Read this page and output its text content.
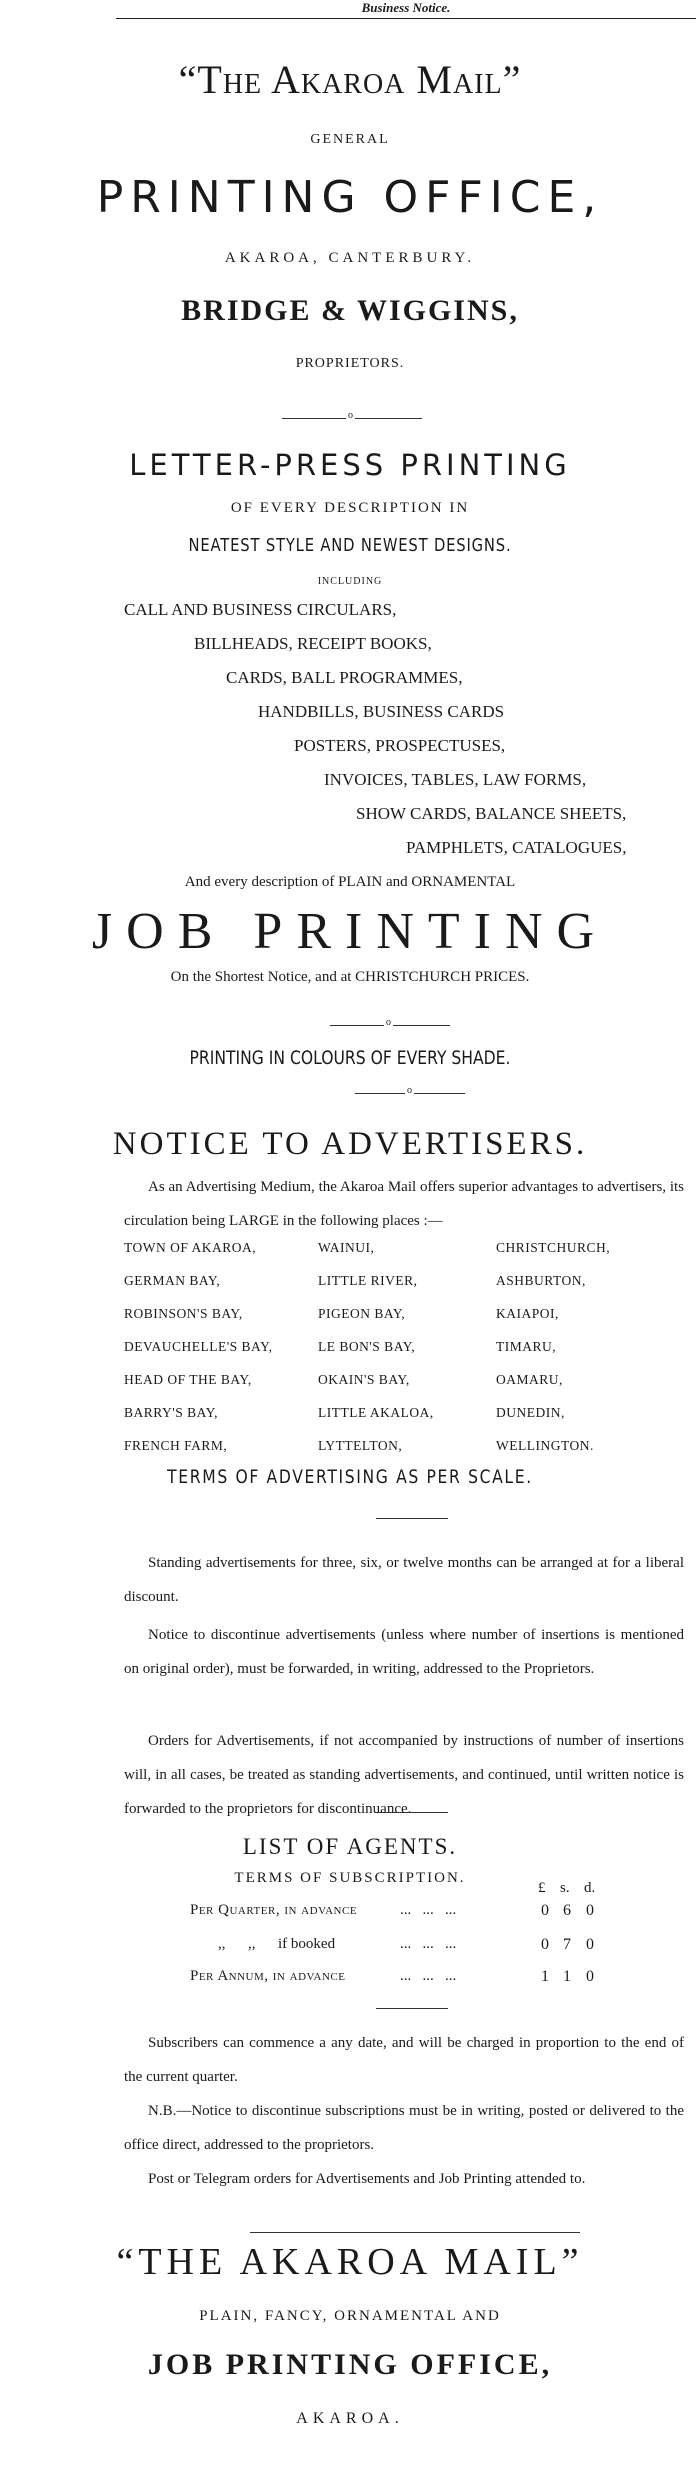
Business Notice.
“The Akaroa Mail”
GENERAL
PRINTING OFFICE,
AKAROA, CANTERBURY.
BRIDGE & WIGGINS,
PROPRIETORS.
o
LETTER-PRESS PRINTING
OF EVERY DESCRIPTION IN
NEATEST STYLE AND NEWEST DESIGNS.
INCLUDING
CALL AND BUSINESS CIRCULARS,
BILLHEADS, RECEIPT BOOKS,
CARDS, BALL PROGRAMMES,
HANDBILLS, BUSINESS CARDS
POSTERS, PROSPECTUSES,
INVOICES, TABLES, LAW FORMS,
SHOW CARDS, BALANCE SHEETS,
PAMPHLETS, CATALOGUES,
And every description of PLAIN and ORNAMENTAL
JOB PRINTING
On the Shortest Notice, and at CHRISTCHURCH PRICES.
o
PRINTING IN COLOURS OF EVERY SHADE.
o
NOTICE TO ADVERTISERS.
As an Advertising Medium, the Akaroa Mail offers superior advantages to advertisers, its circulation being LARGE in the following places :—
TOWN OF AKAROA,	WAINUI,	CHRISTCHURCH,
GERMAN BAY,	LITTLE RIVER,	ASHBURTON,
ROBINSON'S BAY,	PIGEON BAY,	KAIAPOI,
DEVAUCHELLE'S BAY,	LE BON'S BAY,	TIMARU,
HEAD OF THE BAY,	OKAIN'S BAY,	OAMARU,
BARRY'S BAY,	LITTLE AKALOA,	DUNEDIN,
FRENCH FARM,	LYTTELTON,	WELLINGTON.
TERMS OF ADVERTISING AS PER SCALE.
Standing advertisements for three, six, or twelve months can be arranged at for a liberal discount.
Notice to discontinue advertisements (unless where number of insertions is mentioned on original order), must be forwarded, in writing, addressed to the Proprietors.
Orders for Advertisements, if not accompanied by instructions of number of insertions will, in all cases, be treated as standing advertisements, and continued, until written notice is forwarded to the proprietors for discontinuance.
LIST OF AGENTS.
TERMS OF SUBSCRIPTION.
£ s. d.
Per Quarter, in advance	...   ...   ...	0 6 0
,,      ,,      if booked	...   ...   ...	0 7 0
Per Annum, in advance	...   ...   ...	1 1 0
Subscribers can commence a any date, and will be charged in proportion to the end of the current quarter.
N.B.—Notice to discontinue subscriptions must be in writing, posted or delivered to the office direct, addressed to the proprietors.
Post or Telegram orders for Advertisements and Job Printing attended to.
“THE AKAROA MAIL”
PLAIN, FANCY, ORNAMENTAL AND
JOB PRINTING OFFICE,
AKAROA.
